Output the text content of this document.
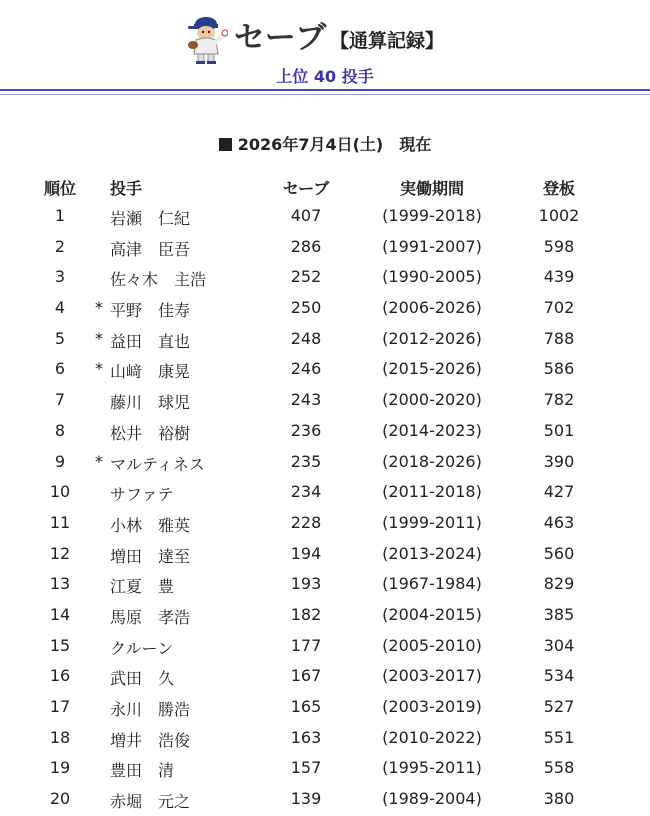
セーブ 【通算記録】
上位 40 投手
2026年7月4日(土)　現在
順位 投手	セーブ	実働期間	登板
1	岩瀬　仁紀	407	(1999-2018)	1002
2	高津　臣吾	286	(1991-2007)	598
3	佐々木　主浩	252	(1990-2005)	439
4	* 平野　佳寿	250	(2006-2026)	702
5	* 益田　直也	248	(2012-2026)	788
6	* 山﨑　康晃	246	(2015-2026)	586
7	藤川　球児	243	(2000-2020)	782
8	松井　裕樹	236	(2014-2023)	501
9	* マルティネス	235	(2018-2026)	390
10	サファテ	234	(2011-2018)	427
11	小林　雅英	228	(1999-2011)	463
12	増田　達至	194	(2013-2024)	560
13	江夏　豊	193	(1967-1984)	829
14	馬原　孝浩	182	(2004-2015)	385
15	クルーン	177	(2005-2010)	304
16	武田　久	167	(2003-2017)	534
17	永川　勝浩	165	(2003-2019)	527
18	増井　浩俊	163	(2010-2022)	551
19	豊田　清	157	(1995-2011)	558
20	赤堀　元之	139	(1989-2004)	380
